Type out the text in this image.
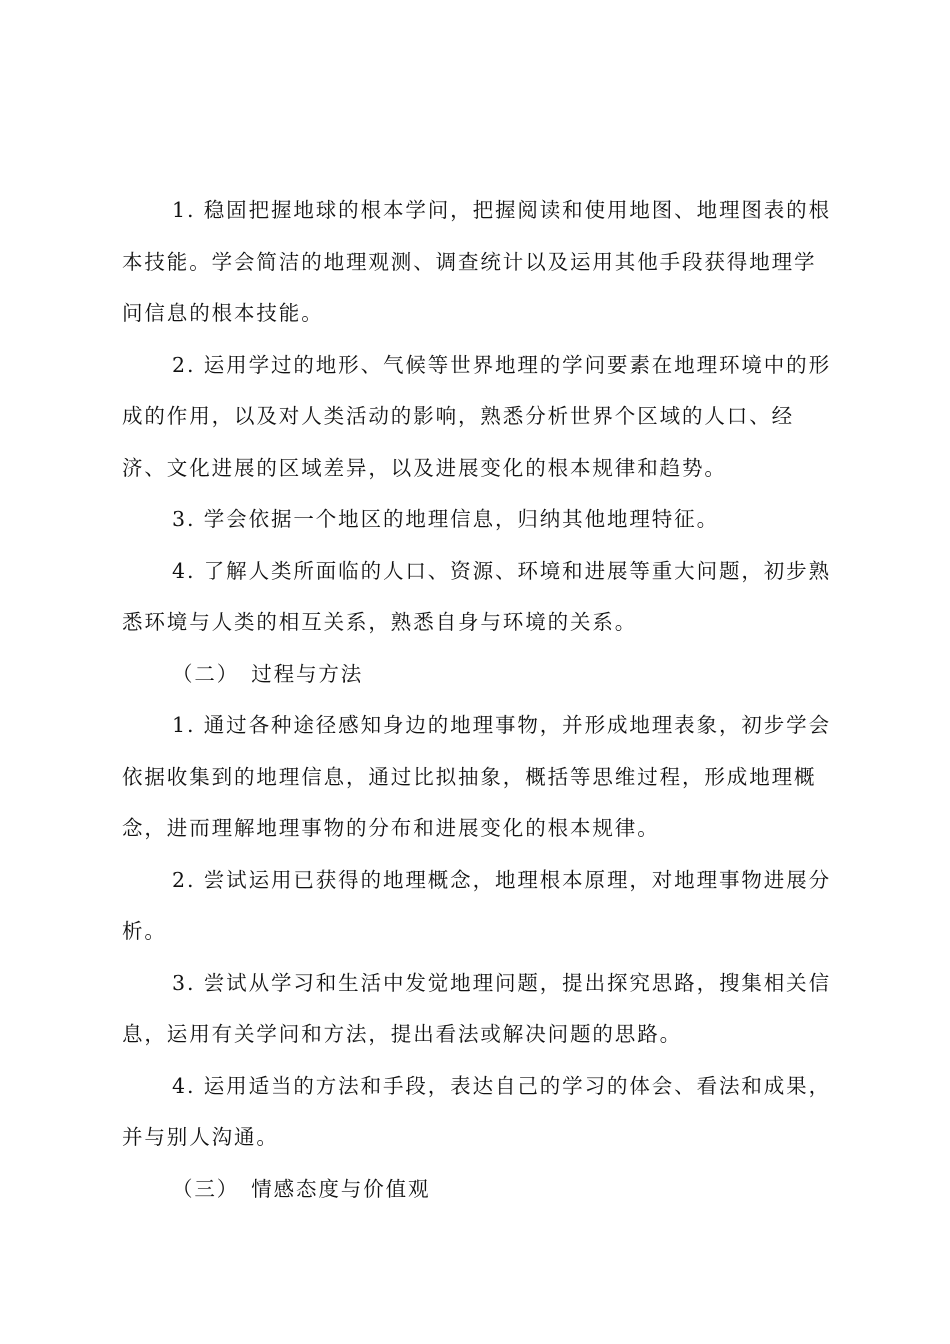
1. 稳固把握地球的根本学问，把握阅读和使用地图、地理图表的根
本技能。学会简洁的地理观测、调查统计以及运用其他手段获得地理学
问信息的根本技能。

2. 运用学过的地形、气候等世界地理的学问要素在地理环境中的形
成的作用，以及对人类活动的影响，熟悉分析世界个区域的人口、经
济、文化进展的区域差异，以及进展变化的根本规律和趋势。

3. 学会依据一个地区的地理信息，归纳其他地理特征。

4. 了解人类所面临的人口、资源、环境和进展等重大问题，初步熟
悉环境与人类的相互关系，熟悉自身与环境的关系。

（二） 过程与方法

1. 通过各种途径感知身边的地理事物，并形成地理表象，初步学会
依据收集到的地理信息，通过比拟抽象，概括等思维过程，形成地理概
念，进而理解地理事物的分布和进展变化的根本规律。

2. 尝试运用已获得的地理概念，地理根本原理，对地理事物进展分
析。

3. 尝试从学习和生活中发觉地理问题，提出探究思路，搜集相关信
息，运用有关学问和方法，提出看法或解决问题的思路。

4. 运用适当的方法和手段，表达自己的学习的体会、看法和成果，
并与别人沟通。

（三） 情感态度与价值观
